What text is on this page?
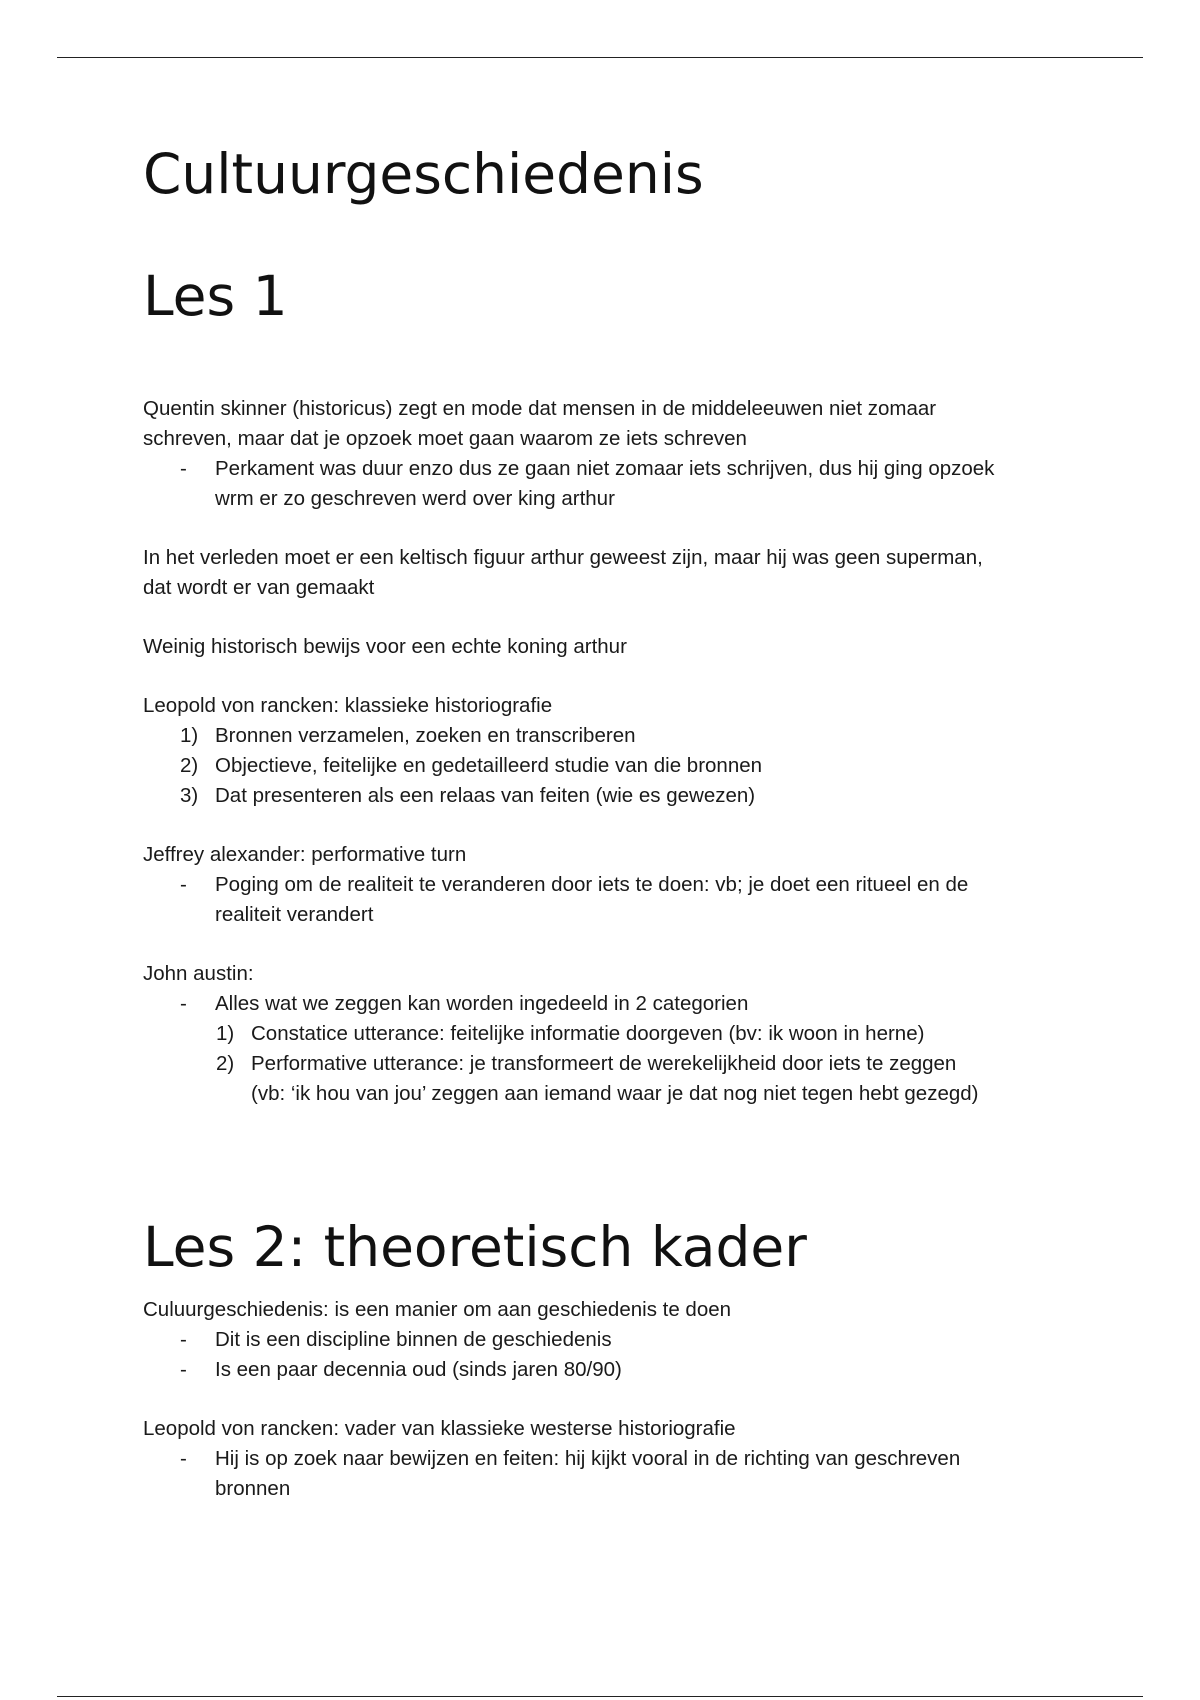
Cultuurgeschiedenis
Les 1

Quentin skinner (historicus) zegt en mode dat mensen in de middeleeuwen niet zomaar

schreven, maar dat je opzoek moet gaan waarom ze iets schreven

- Perkament was duur enzo dus ze gaan niet zomaar iets schrijven, dus hij ging opzoek
wrm er zo geschreven werd over king arthur

In het verleden moet er een keltisch figuur arthur geweest zijn, maar hij was geen superman,

dat wordt er van gemaakt

Weinig historisch bewijs voor een echte koning arthur

Leopold von rancken: klassieke historiografie

1) Bronnen verzamelen, zoeken en transcriberen
2) Objectieve, feitelijke en gedetailleerd studie van die bronnen
3) Dat presenteren als een relaas van feiten (wie es gewezen)

Jeffrey alexander: performative turn

- Poging om de realiteit te veranderen door iets te doen: vb; je doet een ritueel en de
realiteit verandert

John austin:

- Alles wat we zeggen kan worden ingedeeld in 2 categorien
1) Constatice utterance: feitelijke informatie doorgeven (bv: ik woon in herne)
2) Performative utterance: je transformeert de werekelijkheid door iets te zeggen
(vb: ‘ik hou van jou’ zeggen aan iemand waar je dat nog niet tegen hebt gezegd)
Les 2: theoretisch kader

Culuurgeschiedenis: is een manier om aan geschiedenis te doen

- Dit is een discipline binnen de geschiedenis
- Is een paar decennia oud (sinds jaren 80/90)

Leopold von rancken: vader van klassieke westerse historiografie

- Hij is op zoek naar bewijzen en feiten: hij kijkt vooral in de richting van geschreven
bronnen
